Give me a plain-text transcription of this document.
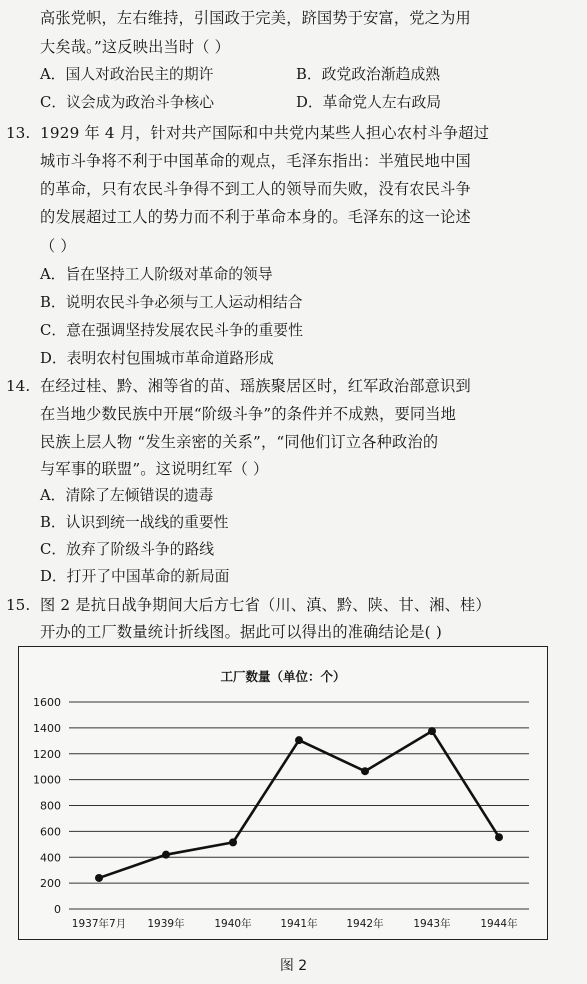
高张党帜，左右维持，引国政于完美，跻国势于安富，党之为用
大矣哉。”这反映出当时（ ）
A．国人对政治民主的期许	B．政党政治渐趋成熟
C．议会成为政治斗争核心	D．革命党人左右政局
13. 1929 年 4 月，针对共产国际和中共党内某些人担心农村斗争超过
城市斗争将不利于中国革命的观点，毛泽东指出：半殖民地中国
的革命，只有农民斗争得不到工人的领导而失败，没有农民斗争
的发展超过工人的势力而不利于革命本身的。毛泽东的这一论述
（ ）
A．旨在坚持工人阶级对革命的领导
B．说明农民斗争必须与工人运动相结合
C．意在强调坚持发展农民斗争的重要性
D．表明农村包围城市革命道路形成
14. 在经过桂、黔、湘等省的苗、瑶族聚居区时，红军政治部意识到
在当地少数民族中开展“阶级斗争”的条件并不成熟，要同当地
民族上层人物 “发生亲密的关系”，“同他们订立各种政治的
与军事的联盟”。这说明红军（ ）
A．清除了左倾错误的遗毒
B．认识到统一战线的重要性
C．放弃了阶级斗争的路线
D．打开了中国革命的新局面
15. 图 2 是抗日战争期间大后方七省（川、滇、黔、陕、甘、湘、桂）
开办的工厂数量统计折线图。据此可以得出的准确结论是( )
工厂数量（单位：个）
0
200
400
600
800
1000
1200
1400
1600
1937年7月 1939年	1940年	1941年	1942年	1943年	1944年
图 2
